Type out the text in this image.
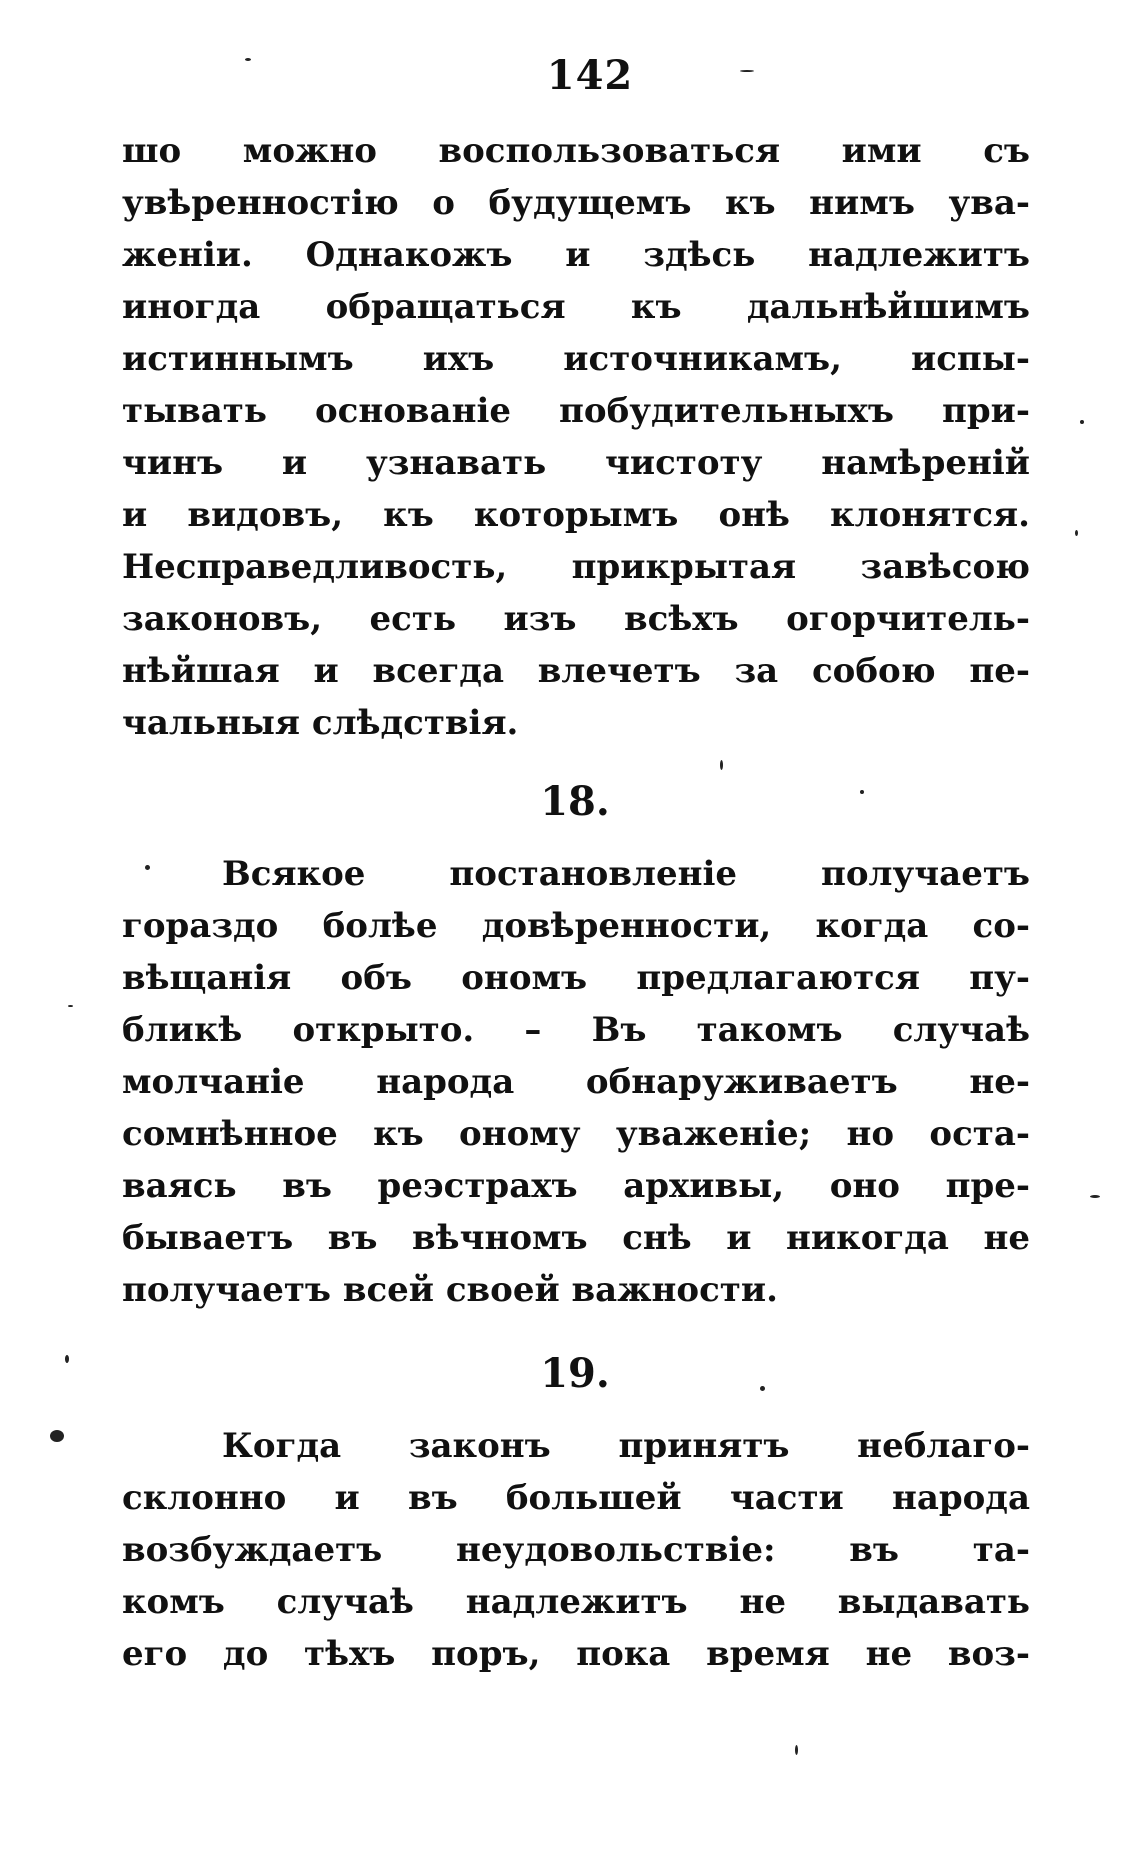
142
шо можно воспользоваться ими съ
увѣренностію о будущемъ къ нимъ ува-
женіи. Однакожъ и здѣсь надлежитъ
иногда обращаться къ дальнѣйшимъ
истиннымъ ихъ источникамъ, испы-
тывать основаніе побудительныхъ при-
чинъ и узнавать чистоту намѣреній
и видовъ, къ которымъ онѣ клонятся.
Несправедливость, прикрытая завѣсою
законовъ, есть изъ всѣхъ огорчитель-
нѣйшая и всегда влечетъ за собою пе-
чальныя слѣдствія.
18.
Всякое постановленіе получаетъ
гораздо болѣе довѣренности, когда со-
вѣщанія объ ономъ предлагаются пу-
бликѣ открыто. – Въ такомъ случаѣ
молчаніе народа обнаруживаетъ не-
сомнѣнное къ оному уваженіе; но оста-
ваясь въ реэстрахъ архивы, оно пре-
бываетъ въ вѣчномъ снѣ и никогда не
получаетъ всей своей важности.
19.
Когда законъ принятъ неблаго-
склонно и въ большей части народа
возбуждаетъ неудовольствіе: въ та-
комъ случаѣ надлежитъ не выдавать
его до тѣхъ поръ, пока время не воз-
